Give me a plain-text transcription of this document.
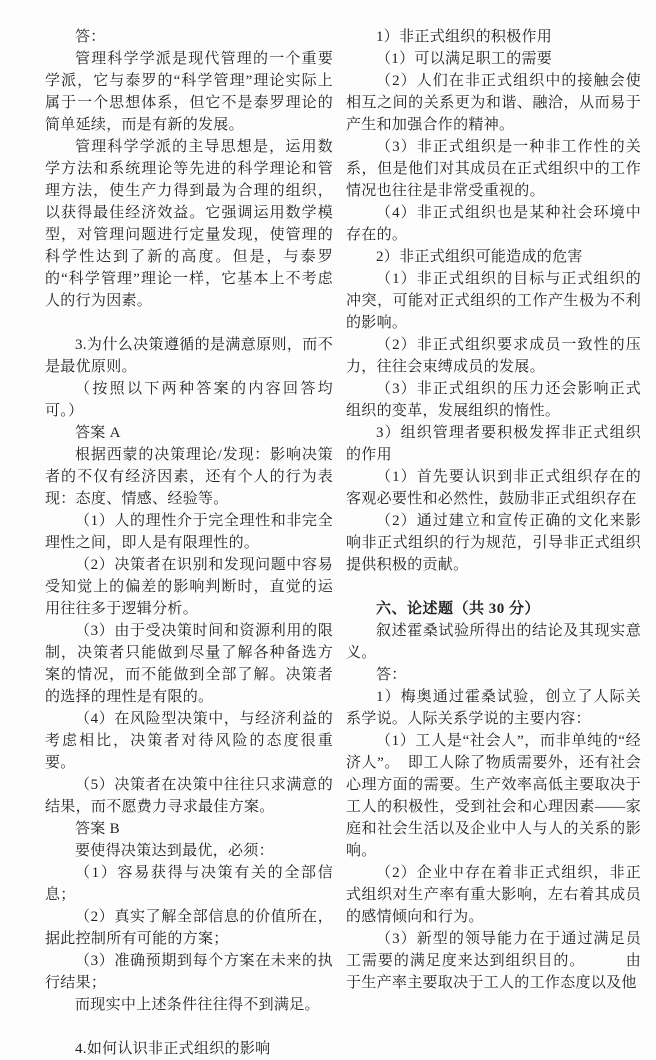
答：

管理科学学派是现代管理的一个重要学派，它与泰罗的“科学管理”理论实际上属于一个思想体系，但它不是泰罗理论的简单延续，而是有新的发展。

管理科学学派的主导思想是，运用数学方法和系统理论等先进的科学理论和管理方法，使生产力得到最为合理的组织，以获得最佳经济效益。它强调运用数学模型，对管理问题进行定量发现，使管理的科学性达到了新的高度。但是，与泰罗的“科学管理”理论一样，它基本上不考虑人的行为因素。

3.为什么决策遵循的是满意原则，而不是最优原则。

（按照以下两种答案的内容回答均可。）

答案 A

根据西蒙的决策理论/发现：影响决策者的不仅有经济因素，还有个人的行为表现：态度、情感、经验等。

（1）人的理性介于完全理性和非完全理性之间，即人是有限理性的。

（2）决策者在识别和发现问题中容易受知觉上的偏差的影响判断时，直觉的运用往往多于逻辑分析。

（3）由于受决策时间和资源利用的限制，决策者只能做到尽量了解各种备选方案的情况，而不能做到全部了解。决策者的选择的理性是有限的。

（4）在风险型决策中，与经济利益的考虑相比，决策者对待风险的态度很重要。

（5）决策者在决策中往往只求满意的结果，而不愿费力寻求最佳方案。

答案 B

要使得决策达到最优，必须：

（1）容易获得与决策有关的全部信息；

（2）真实了解全部信息的价值所在，据此控制所有可能的方案；

（3）准确预期到每个方案在未来的执行结果；

而现实中上述条件往往得不到满足。

4.如何认识非正式组织的影响

1）非正式组织的积极作用

（1）可以满足职工的需要

（2）人们在非正式组织中的接触会使相互之间的关系更为和谐、融洽，从而易于产生和加强合作的精神。

（3）非正式组织是一种非工作性的关系，但是他们对其成员在正式组织中的工作情况也往往是非常受重视的。

（4）非正式组织也是某种社会环境中存在的。

2）非正式组织可能造成的危害

（1）非正式组织的目标与正式组织的冲突，可能对正式组织的工作产生极为不利的影响。

（2）非正式组织要求成员一致性的压力，往往会束缚成员的发展。

（3）非正式组织的压力还会影响正式组织的变革，发展组织的惰性。

3）组织管理者要积极发挥非正式组织的作用

（1）首先要认识到非正式组织存在的客观必要性和必然性，鼓励非正式组织存在

（2）通过建立和宣传正确的文化来影响非正式组织的行为规范，引导非正式组织提供积极的贡献。

六、论述题（共 30 分）

叙述霍桑试验所得出的结论及其现实意义。

答：

1）梅奥通过霍桑试验，创立了人际关系学说。人际关系学说的主要内容：

（1）工人是“社会人”，而非单纯的“经济人”。　即工人除了物质需要外，还有社会心理方面的需要。生产效率高低主要取决于工人的积极性，受到社会和心理因素——家庭和社会生活以及企业中人与人的关系的影响。

（2）企业中存在着非正式组织，非正式组织对生产率有重大影响，左右着其成员的感情倾向和行为。

（3）新型的领导能力在于通过满足员工需要的满足度来达到组织目的。　　　由于生产率主要取决于工人的工作态度以及他
